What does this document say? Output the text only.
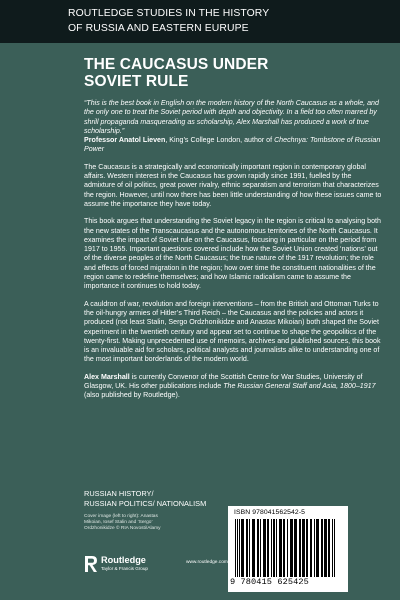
ROUTLEDGE STUDIES IN THE HISTORY
OF RUSSIA AND EASTERN EURUPE
THE CAUCASUS UNDER
SOVIET RULE

“This is the best book in English on the modern history of the North Caucasus as a whole, and the only one to treat the Soviet period with depth and objectivity. In a field too often marred by shrill propaganda masquerading as scholarship, Alex Marshall has produced a work of true scholarship.”

Professor Anatol Lieven, King’s College London, author of Chechnya: Tombstone of Russian Power

The Caucasus is a strategically and economically important region in contemporary global affairs. Western interest in the Caucasus has grown rapidly since 1991, fuelled by the admixture of oil politics, great power rivalry, ethnic separatism and terrorism that characterizes the region. However, until now there has been little understanding of how these issues came to assume the importance they have today.

This book argues that understanding the Soviet legacy in the region is critical to analysing both the new states of the Transcaucasus and the autonomous territories of the North Caucasus. It examines the impact of Soviet rule on the Caucasus, focusing in particular on the period from 1917 to 1955. Important questions covered include how the Soviet Union created ‘nations’ out of the diverse peoples of the North Caucasus; the true nature of the 1917 revolution; the role and effects of forced migration in the region; how over time the constituent nationalities of the region came to redefine themselves; and how Islamic radicalism came to assume the importance it continues to hold today.

A cauldron of war, revolution and foreign interventions – from the British and Ottoman Turks to the oil-hungry armies of Hitler’s Third Reich – the Caucasus and the policies and actors it produced (not least Stalin, Sergo Ordzhonikidze and Anastas Mikoian) both shaped the Soviet experiment in the twentieth century and appear set to continue to shape the geopolitics of the twenty-first. Making unprecedented use of memoirs, archives and published sources, this book is an invaluable aid for scholars, political analysts and journalists alike to understanding one of the most important borderlands of the modern world.

Alex Marshall is currently Convenor of the Scottish Centre for War Studies, University of Glasgow, UK. His other publications include The Russian General Staff and Asia, 1800–1917 (also published by Routledge).

RUSSIAN HISTORY/
RUSSIAN POLITICS/ NATIONALISM

Cover image (left to right): Anastas Mikoian, Iosef Stalin and ‘Sergo’ Ordzhonikidze © RIA Novosti/Alamy

Routledge
Taylor & Francis Group
www.routledge.com
ISBN 978041562542-5
9 780415 625425
an informa business
